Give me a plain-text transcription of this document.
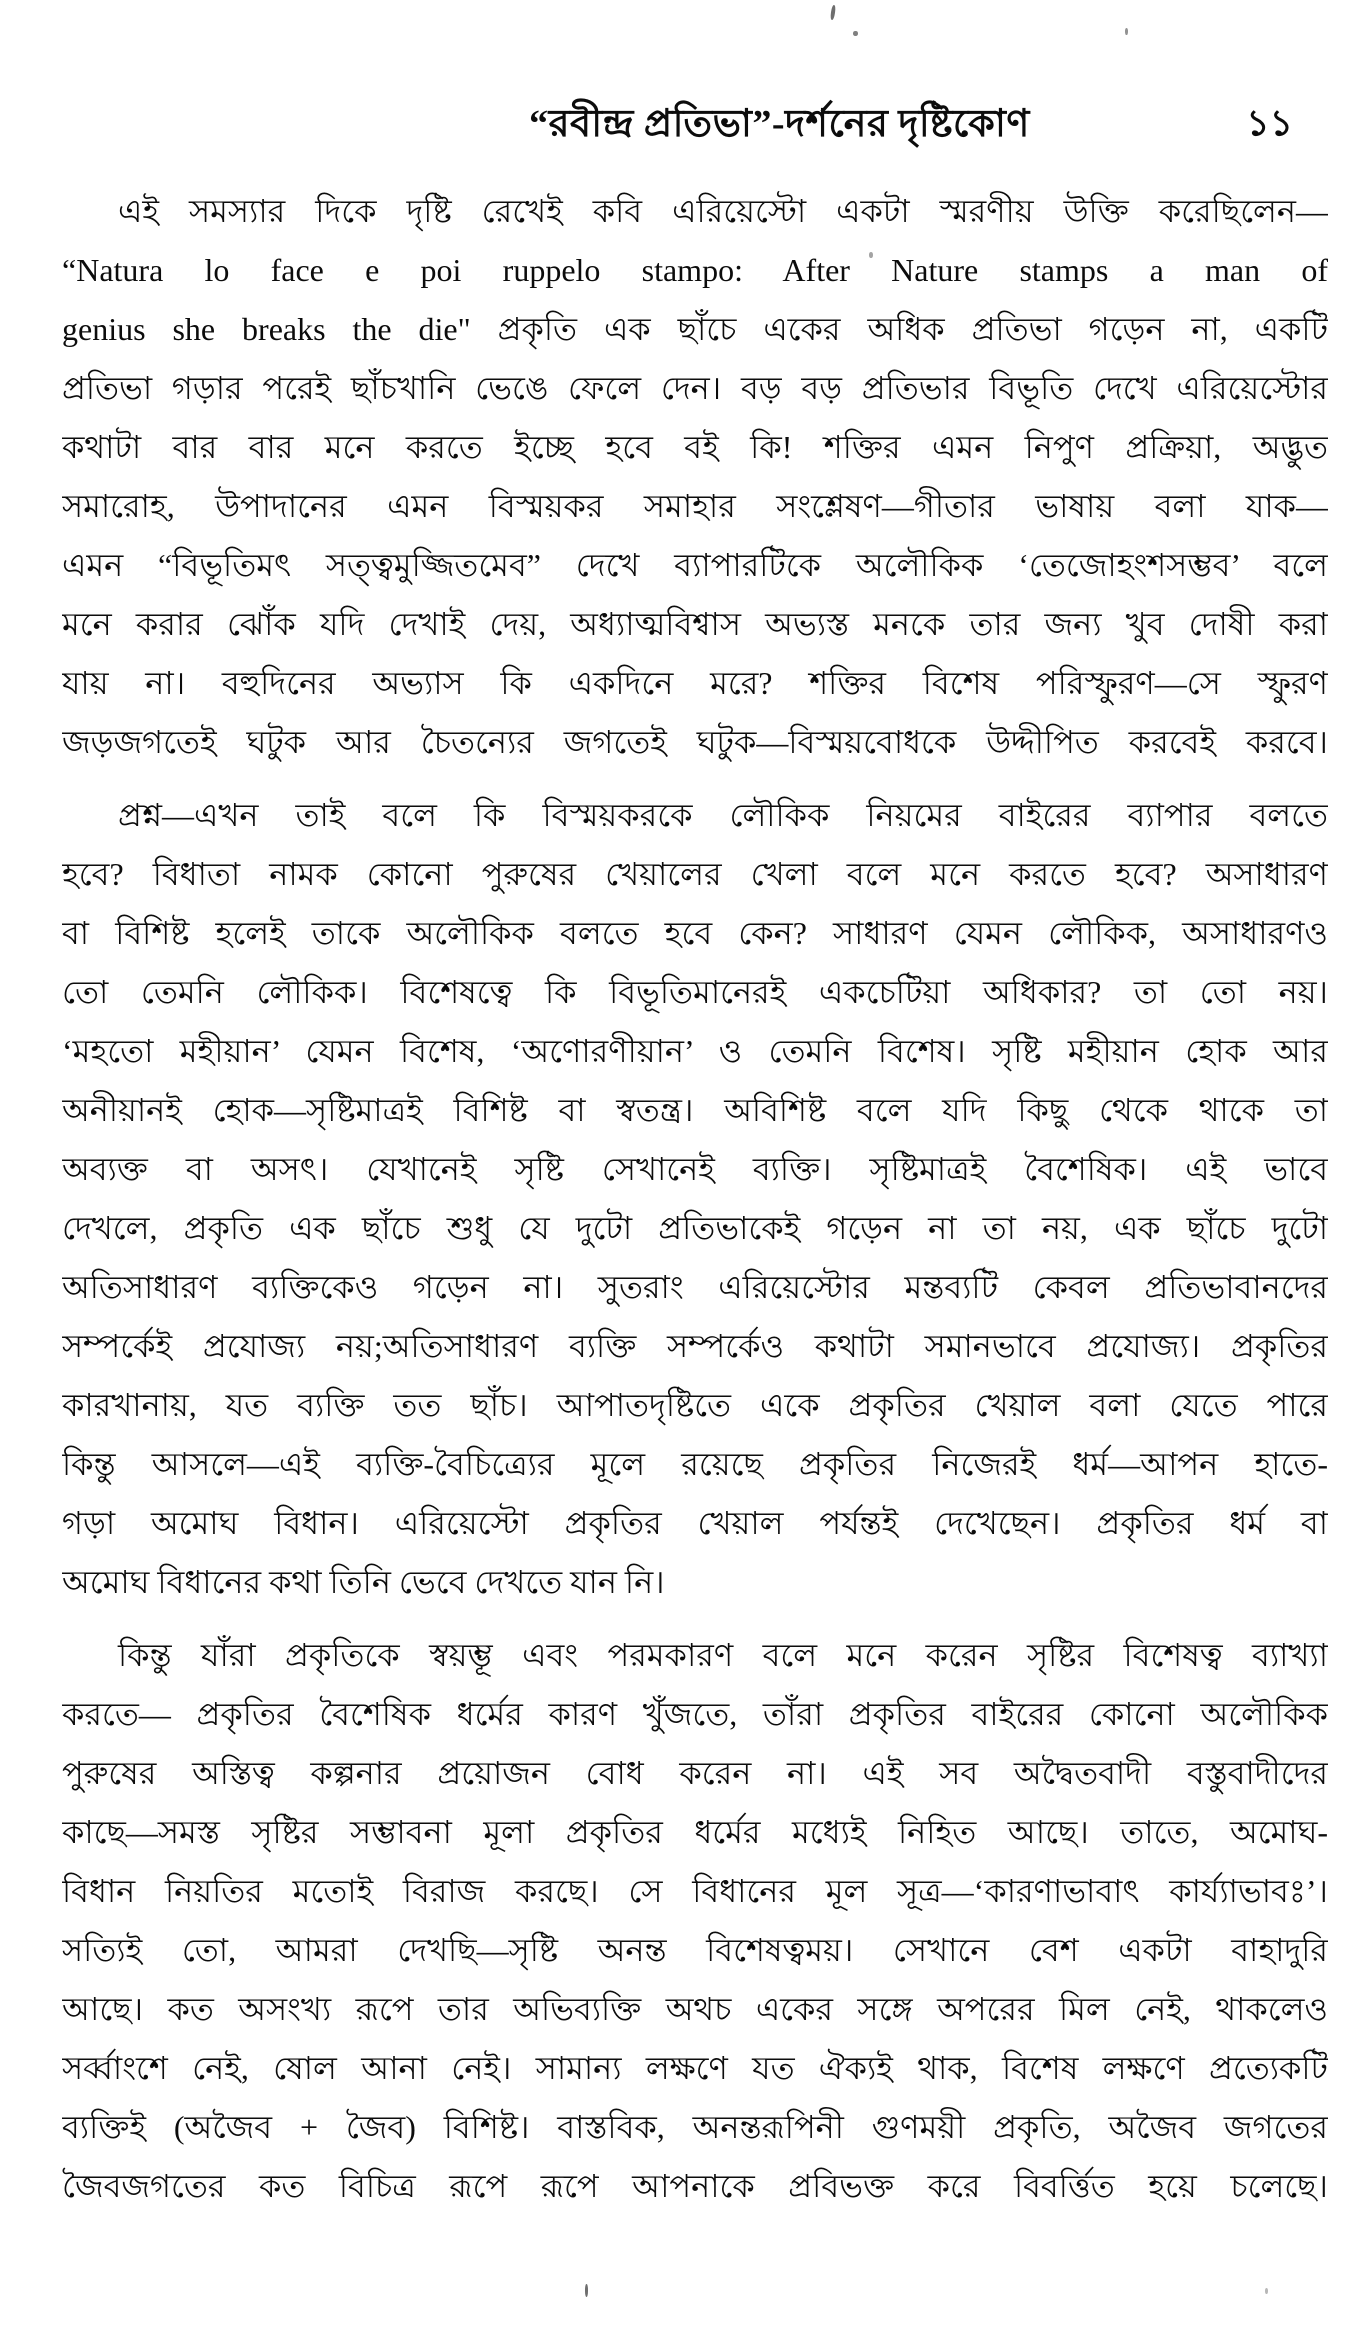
“রবীন্দ্র প্রতিভা”-দর্শনের দৃষ্টিকোণ	১১
এই সমস্যার দিকে দৃষ্টি রেখেই কবি এরিয়েস্টো একটা স্মরণীয় উক্তি করেছিলেন—
“Natura lo face e poi ruppelo stampo: After Nature stamps a man of
genius she breaks the die" প্রকৃতি এক ছাঁচে একের অধিক প্রতিভা গড়েন না, একটি
প্রতিভা গড়ার পরেই ছাঁচখানি ভেঙে ফেলে দেন। বড় বড় প্রতিভার বিভূতি দেখে এরিয়েস্টোর
কথাটা বার বার মনে করতে ইচ্ছে হবে বই কি! শক্তির এমন নিপুণ প্রক্রিয়া, অদ্ভুত
সমারোহ, উপাদানের এমন বিস্ময়কর সমাহার সংশ্লেষণ—গীতার ভাষায় বলা যাক—
এমন “বিভূতিমৎ সত্ত্বমুজ্জিতমেব” দেখে ব্যাপারটিকে অলৌকিক ‘তেজোহংশসম্ভব’ বলে
মনে করার ঝোঁক যদি দেখাই দেয়, অধ্যাত্মবিশ্বাস অভ্যস্ত মনকে তার জন্য খুব দোষী করা
যায় না। বহুদিনের অভ্যাস কি একদিনে মরে? শক্তির বিশেষ পরিস্ফুরণ—সে স্ফুরণ
জড়জগতেই ঘটুক আর চৈতন্যের জগতেই ঘটুক—বিস্ময়বোধকে উদ্দীপিত করবেই করবে।
প্রশ্ন—এখন তাই বলে কি বিস্ময়করকে লৌকিক নিয়মের বাইরের ব্যাপার বলতে
হবে? বিধাতা নামক কোনো পুরুষের খেয়ালের খেলা বলে মনে করতে হবে? অসাধারণ
বা বিশিষ্ট হলেই তাকে অলৌকিক বলতে হবে কেন? সাধারণ যেমন লৌকিক, অসাধারণও
তো তেমনি লৌকিক। বিশেষত্বে কি বিভূতিমানেরই একচেটিয়া অধিকার? তা তো নয়।
‘মহতো মহীয়ান’ যেমন বিশেষ, ‘অণোরণীয়ান’ ও তেমনি বিশেষ। সৃষ্টি মহীয়ান হোক আর
অনীয়ানই হোক—সৃষ্টিমাত্রই বিশিষ্ট বা স্বতন্ত্র। অবিশিষ্ট বলে যদি কিছু থেকে থাকে তা
অব্যক্ত বা অসৎ। যেখানেই সৃষ্টি সেখানেই ব্যক্তি। সৃষ্টিমাত্রই বৈশেষিক। এই ভাবে
দেখলে, প্রকৃতি এক ছাঁচে শুধু যে দুটো প্রতিভাকেই গড়েন না তা নয়, এক ছাঁচে দুটো
অতিসাধারণ ব্যক্তিকেও গড়েন না। সুতরাং এরিয়েস্টোর মন্তব্যটি কেবল প্রতিভাবানদের
সম্পর্কেই প্রযোজ্য নয়;অতিসাধারণ ব্যক্তি সম্পর্কেও কথাটা সমানভাবে প্রযোজ্য। প্রকৃতির
কারখানায়, যত ব্যক্তি তত ছাঁচ। আপাতদৃষ্টিতে একে প্রকৃতির খেয়াল বলা যেতে পারে
কিন্তু আসলে—এই ব্যক্তি-বৈচিত্র্যের মূলে রয়েছে প্রকৃতির নিজেরই ধর্ম—আপন হাতে-
গড়া অমোঘ বিধান। এরিয়েস্টো প্রকৃতির খেয়াল পর্যন্তই দেখেছেন। প্রকৃতির ধর্ম বা
অমোঘ বিধানের কথা তিনি ভেবে দেখতে যান নি।
কিন্তু যাঁরা প্রকৃতিকে স্বয়ম্ভূ এবং পরমকারণ বলে মনে করেন সৃষ্টির বিশেষত্ব ব্যাখ্যা
করতে— প্রকৃতির বৈশেষিক ধর্মের কারণ খুঁজতে, তাঁরা প্রকৃতির বাইরের কোনো অলৌকিক
পুরুষের অস্তিত্ব কল্পনার প্রয়োজন বোধ করেন না। এই সব অদ্বৈতবাদী বস্তুবাদীদের
কাছে—সমস্ত সৃষ্টির সম্ভাবনা মূলা প্রকৃতির ধর্মের মধ্যেই নিহিত আছে। তাতে, অমোঘ-
বিধান নিয়তির মতোই বিরাজ করছে। সে বিধানের মূল সূত্র—‘কারণাভাবাৎ কার্য্যাভাবঃ’।
সত্যিই তো, আমরা দেখছি—সৃষ্টি অনন্ত বিশেষত্বময়। সেখানে বেশ একটা বাহাদুরি
আছে। কত অসংখ্য রূপে তার অভিব্যক্তি অথচ একের সঙ্গে অপরের মিল নেই, থাকলেও
সর্ব্বাংশে নেই, ষোল আনা নেই। সামান্য লক্ষণে যত ঐক্যই থাক, বিশেষ লক্ষণে প্রত্যেকটি
ব্যক্তিই (অজৈব + জৈব) বিশিষ্ট। বাস্তবিক, অনন্তরূপিনী গুণময়ী প্রকৃতি, অজৈব জগতের
জৈবজগতের কত বিচিত্র রূপে রূপে আপনাকে প্রবিভক্ত করে বিবর্ত্তিত হয়ে চলেছে।
